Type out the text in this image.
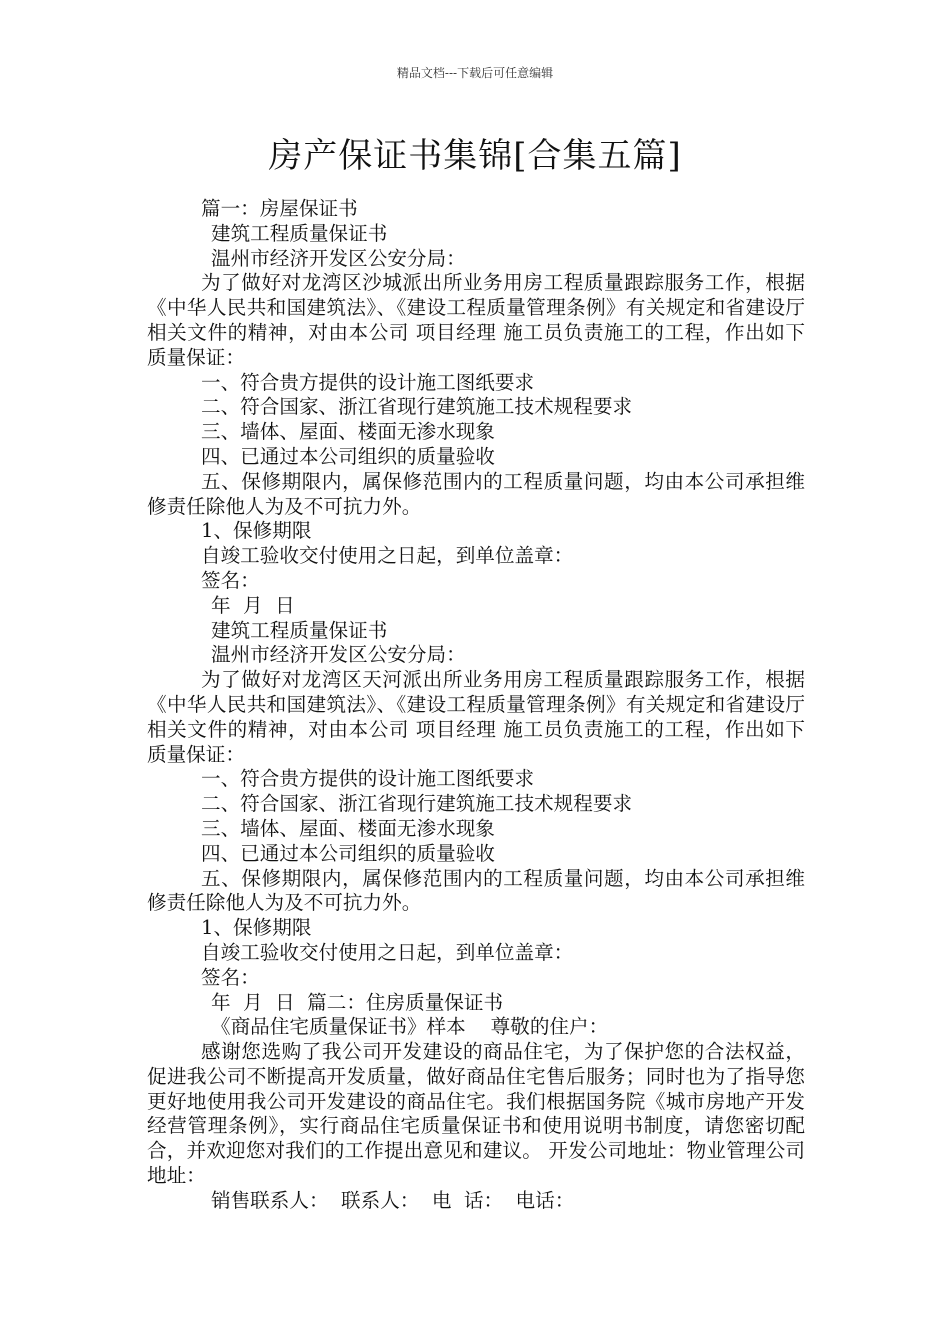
精品文档---下载后可任意编辑
房产保证书集锦[合集五篇]
篇一：房屋保证书
建筑工程质量保证书
温州市经济开发区公安分局：
为了做好对龙湾区沙城派出所业务用房工程质量跟踪服务工作，根据《中华人民共和国建筑法》、《建设工程质量管理条例》有关规定和省建设厅相关文件的精神，对由本公司 项目经理 施工员负责施工的工程，作出如下质量保证：
一、符合贵方提供的设计施工图纸要求
二、符合国家、浙江省现行建筑施工技术规程要求
三、墙体、屋面、楼面无渗水现象
四、已通过本公司组织的质量验收
五、保修期限内，属保修范围内的工程质量问题，均由本公司承担维修责任除他人为及不可抗力外。
1、保修期限
自竣工验收交付使用之日起，到单位盖章：
签名：
年  月  日
建筑工程质量保证书
温州市经济开发区公安分局：
为了做好对龙湾区天河派出所业务用房工程质量跟踪服务工作，根据《中华人民共和国建筑法》、《建设工程质量管理条例》有关规定和省建设厅相关文件的精神，对由本公司 项目经理 施工员负责施工的工程，作出如下质量保证：
一、符合贵方提供的设计施工图纸要求
二、符合国家、浙江省现行建筑施工技术规程要求
三、墙体、屋面、楼面无渗水现象
四、已通过本公司组织的质量验收
五、保修期限内，属保修范围内的工程质量问题，均由本公司承担维修责任除他人为及不可抗力外。
1、保修期限
自竣工验收交付使用之日起，到单位盖章：
签名：
年  月  日  篇二：住房质量保证书
《商品住宅质量保证书》样本    尊敬的住户：
感谢您选购了我公司开发建设的商品住宅，为了保护您的合法权益，促进我公司不断提高开发质量，做好商品住宅售后服务；同时也为了指导您更好地使用我公司开发建设的商品住宅。我们根据国务院《城市房地产开发经营管理条例》，实行商品住宅质量保证书和使用说明书制度，请您密切配合，并欢迎您对我们的工作提出意见和建议。 开发公司地址：物业管理公司地址：
销售联系人：  联系人：  电  话：  电话：
